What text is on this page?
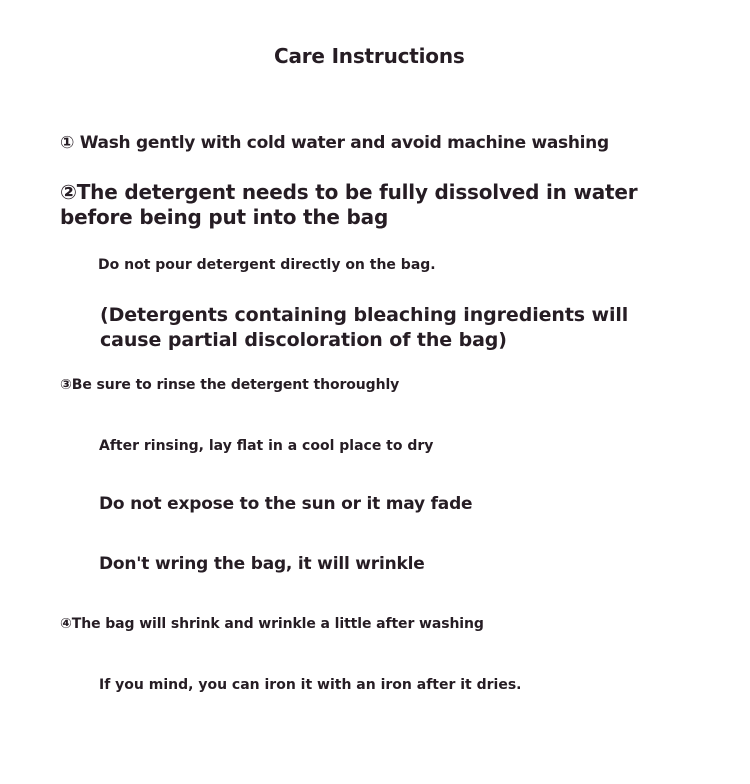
Care Instructions

① Wash gently with cold water and avoid machine washing

②The detergent needs to be fully dissolved in water
before being put into the bag

Do not pour detergent directly on the bag.

(Detergents containing bleaching ingredients will
cause partial discoloration of the bag)

③Be sure to rinse the detergent thoroughly

After rinsing, lay flat in a cool place to dry

Do not expose to the sun or it may fade

Don't wring the bag, it will wrinkle

④The bag will shrink and wrinkle a little after washing

If you mind, you can iron it with an iron after it dries.
